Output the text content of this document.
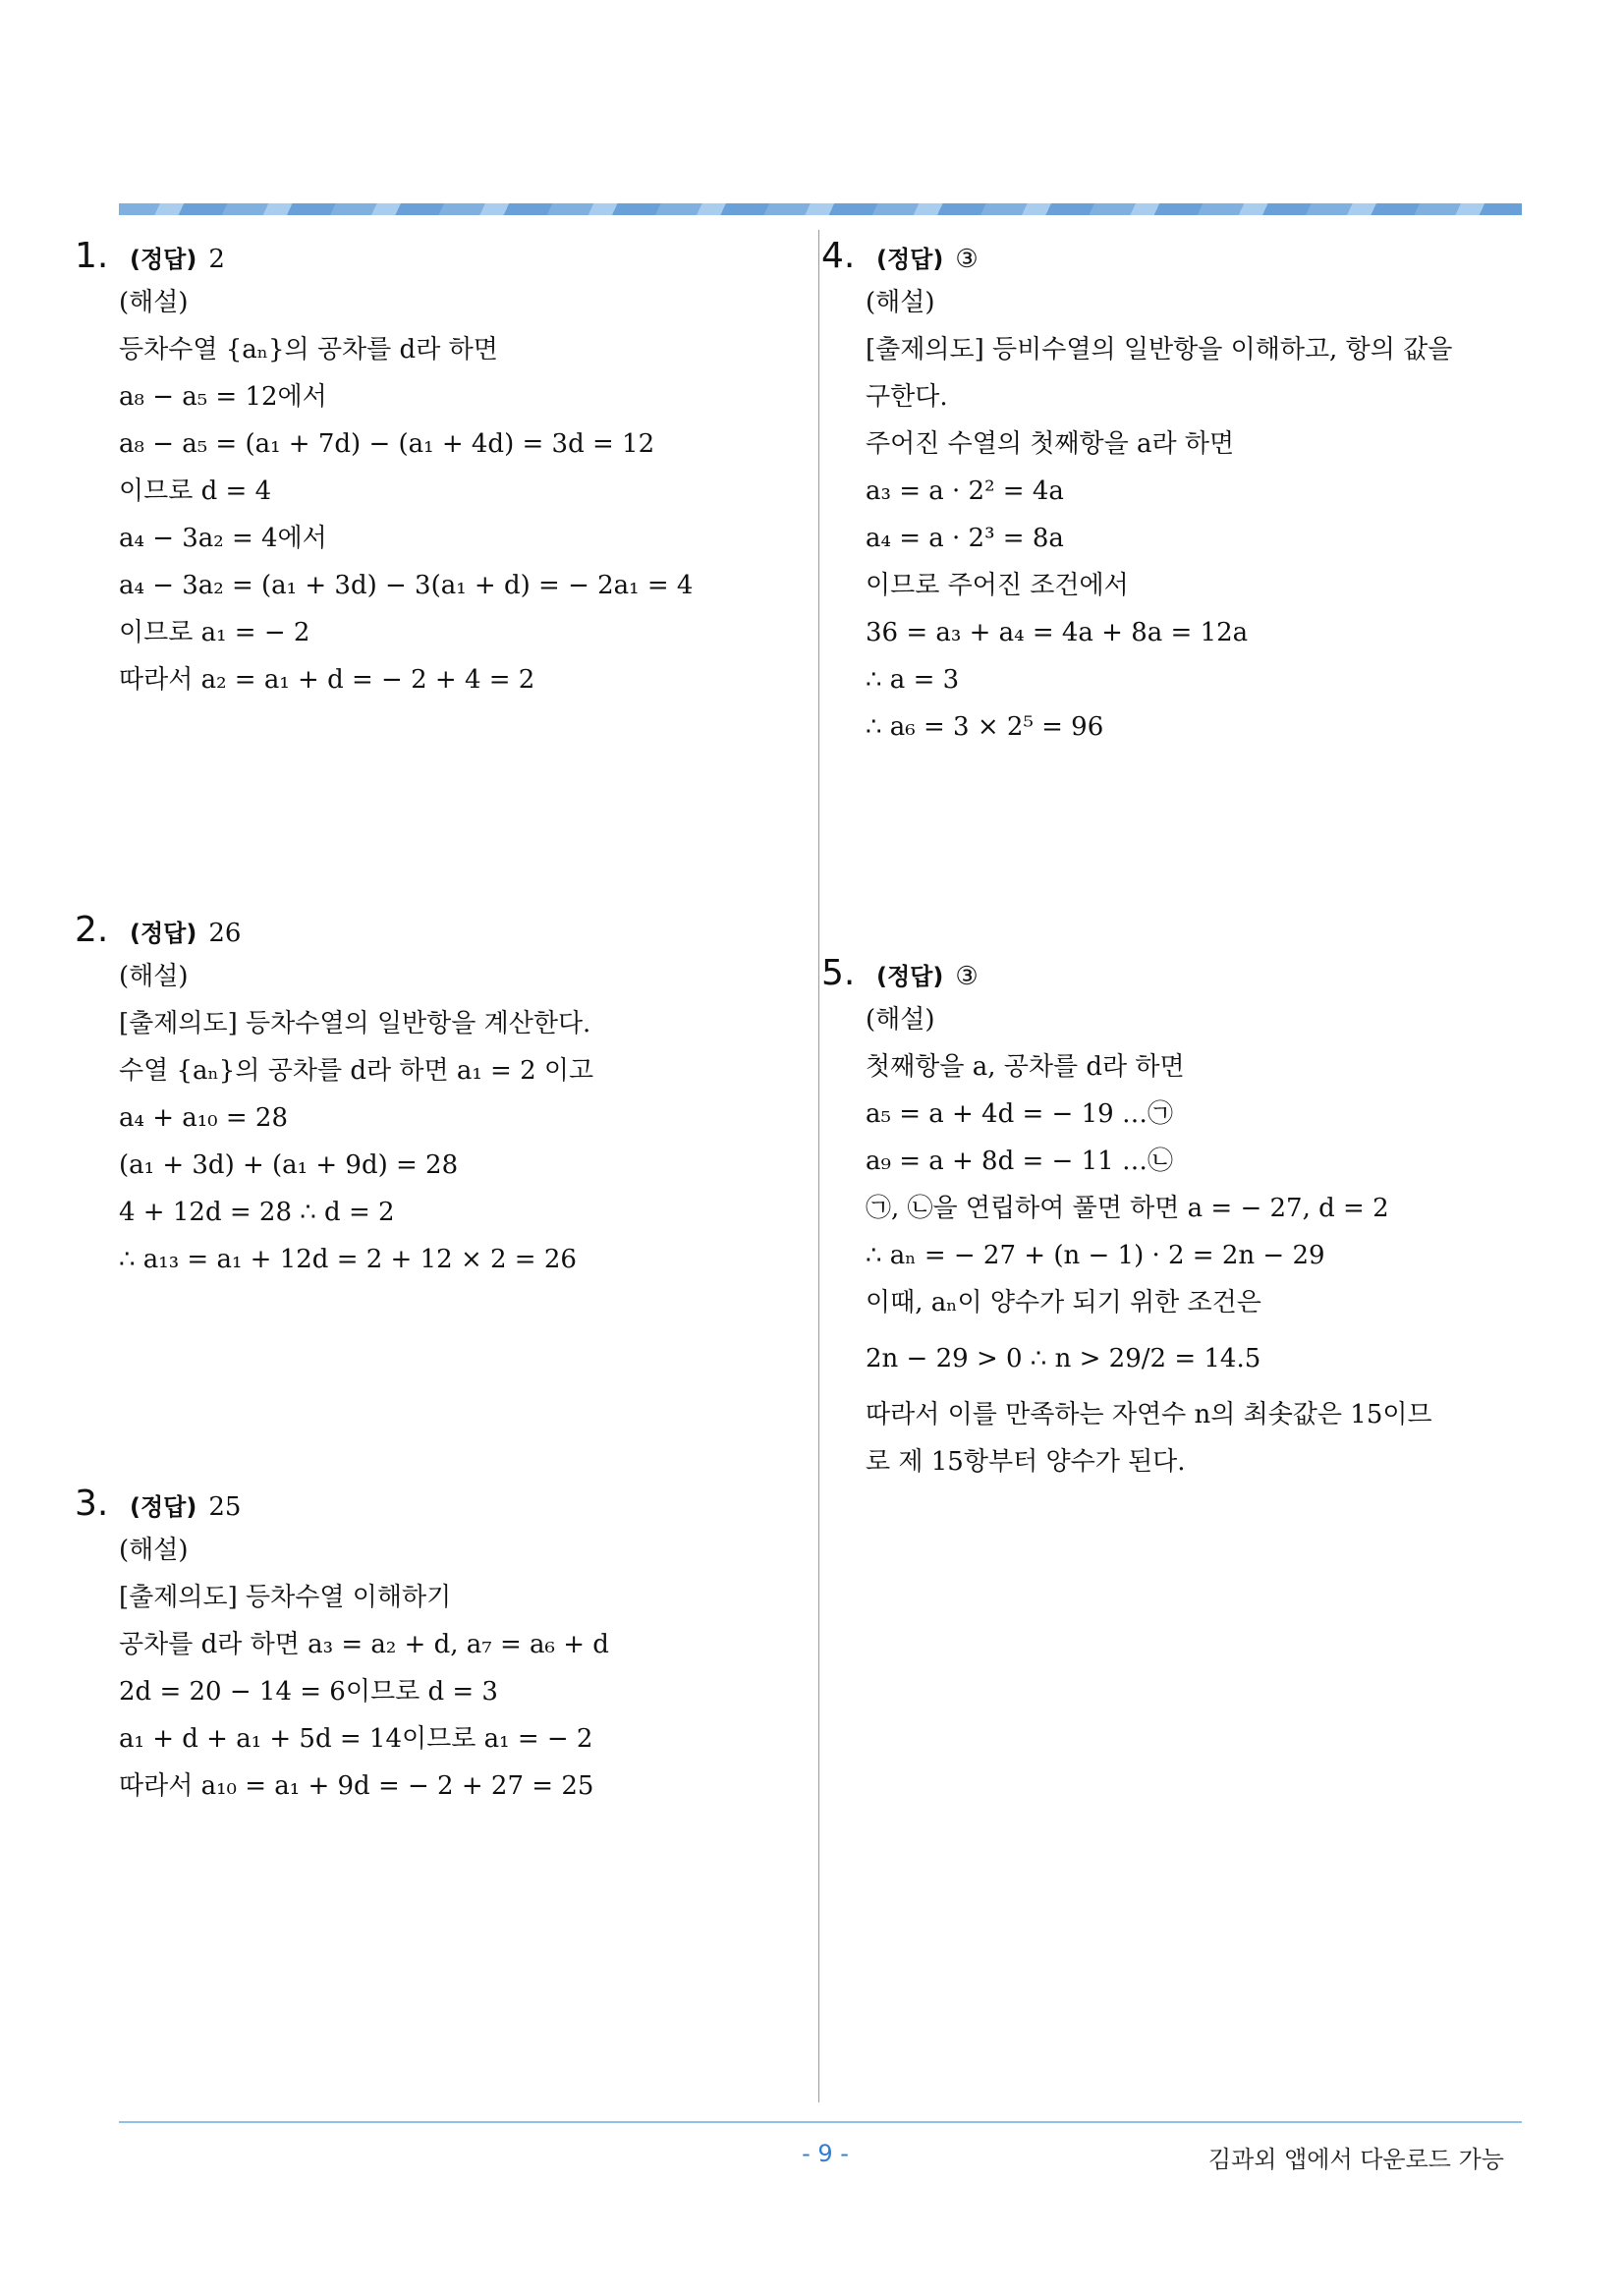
1. (정답) 2
(해설)
등차수열 {aₙ}의 공차를 d라 하면
a₈ − a₅ = 12에서
a₈ − a₅ = (a₁ + 7d) − (a₁ + 4d) = 3d = 12
이므로 d = 4
a₄ − 3a₂ = 4에서
a₄ − 3a₂ = (a₁ + 3d) − 3(a₁ + d) = − 2a₁ = 4
이므로 a₁ = − 2
따라서 a₂ = a₁ + d = − 2 + 4 = 2
2. (정답) 26
(해설)
[출제의도] 등차수열의 일반항을 계산한다.
수열 {aₙ}의 공차를 d라 하면 a₁ = 2 이고
a₄ + a₁₀ = 28
(a₁ + 3d) + (a₁ + 9d) = 28
4 + 12d = 28 ∴ d = 2
∴ a₁₃ = a₁ + 12d = 2 + 12 × 2 = 26
3. (정답) 25
(해설)
[출제의도] 등차수열 이해하기
공차를 d라 하면 a₃ = a₂ + d, a₇ = a₆ + d
2d = 20 − 14 = 6이므로 d = 3
a₁ + d + a₁ + 5d = 14이므로 a₁ = − 2
따라서 a₁₀ = a₁ + 9d = − 2 + 27 = 25
4. (정답) ③
(해설)
[출제의도] 등비수열의 일반항을 이해하고, 항의 값을
구한다.
주어진 수열의 첫째항을 a라 하면
a₃ = a · 2² = 4a
a₄ = a · 2³ = 8a
이므로 주어진 조건에서
36 = a₃ + a₄ = 4a + 8a = 12a
∴ a = 3
∴ a₆ = 3 × 2⁵ = 96
5. (정답) ③
(해설)
첫째항을 a, 공차를 d라 하면
a₅ = a + 4d = − 19 …㉠
a₉ = a + 8d = − 11 …㉡
㉠, ㉡을 연립하여 풀면 하면 a = − 27, d = 2
∴ aₙ = − 27 + (n − 1) · 2 = 2n − 29
이때, aₙ이 양수가 되기 위한 조건은
2n − 29 > 0 ∴ n > 29/2 = 14.5
따라서 이를 만족하는 자연수 n의 최솟값은 15이므
로 제 15항부터 양수가 된다.
- 9 -	김과외 앱에서 다운로드 가능
